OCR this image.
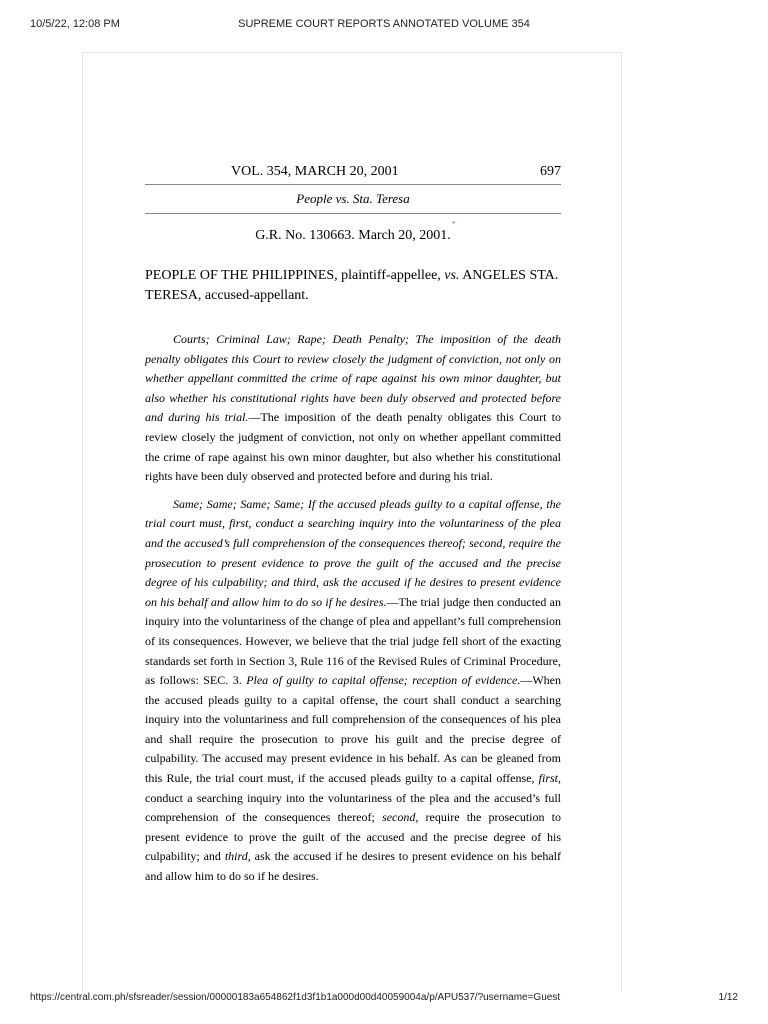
10/5/22, 12:08 PM	SUPREME COURT REPORTS ANNOTATED VOLUME 354
VOL. 354, MARCH 20, 2001	697
People vs. Sta. Teresa
G.R. No. 130663. March 20, 2001.
*
PEOPLE OF THE PHILIPPINES, plaintiff-appellee, vs. ANGELES STA. TERESA, accused-appellant.

Courts; Criminal Law; Rape; Death Penalty; The imposition of the death penalty obligates this Court to review closely the judgment of conviction, not only on whether appellant committed the crime of rape against his own minor daughter, but also whether his constitutional rights have been duly observed and protected before and during his trial.—The imposition of the death penalty obligates this Court to review closely the judgment of conviction, not only on whether appellant committed the crime of rape against his own minor daughter, but also whether his constitutional rights have been duly observed and protected before and during his trial.

Same; Same; Same; Same; If the accused pleads guilty to a capital offense, the trial court must, first, conduct a searching inquiry into the voluntariness of the plea and the accused’s full comprehension of the consequences thereof; second, require the prosecution to present evidence to prove the guilt of the accused and the precise degree of his culpability; and third, ask the accused if he desires to present evidence on his behalf and allow him to do so if he desires.—The trial judge then conducted an inquiry into the voluntariness of the change of plea and appellant’s full comprehension of its consequences. However, we believe that the trial judge fell short of the exacting standards set forth in Section 3, Rule 116 of the Revised Rules of Criminal Procedure, as follows: SEC. 3. Plea of guilty to capital offense; reception of evidence.—When the accused pleads guilty to a capital offense, the court shall conduct a searching inquiry into the voluntariness and full comprehension of the consequences of his plea and shall require the prosecution to prove his guilt and the precise degree of culpability. The accused may present evidence in his behalf. As can be gleaned from this Rule, the trial court must, if the accused pleads guilty to a capital offense, first, conduct a searching inquiry into the voluntariness of the plea and the accused’s full comprehension of the consequences thereof; second, require the prosecution to present evidence to prove the guilt of the accused and the precise degree of his culpability; and third, ask the accused if he desires to present evidence on his behalf and allow him to do so if he desires.

https://central.com.ph/sfsreader/session/00000183a654862f1d3f1b1a000d00d40059004a/p/APU537/?username=Guest	1/12
